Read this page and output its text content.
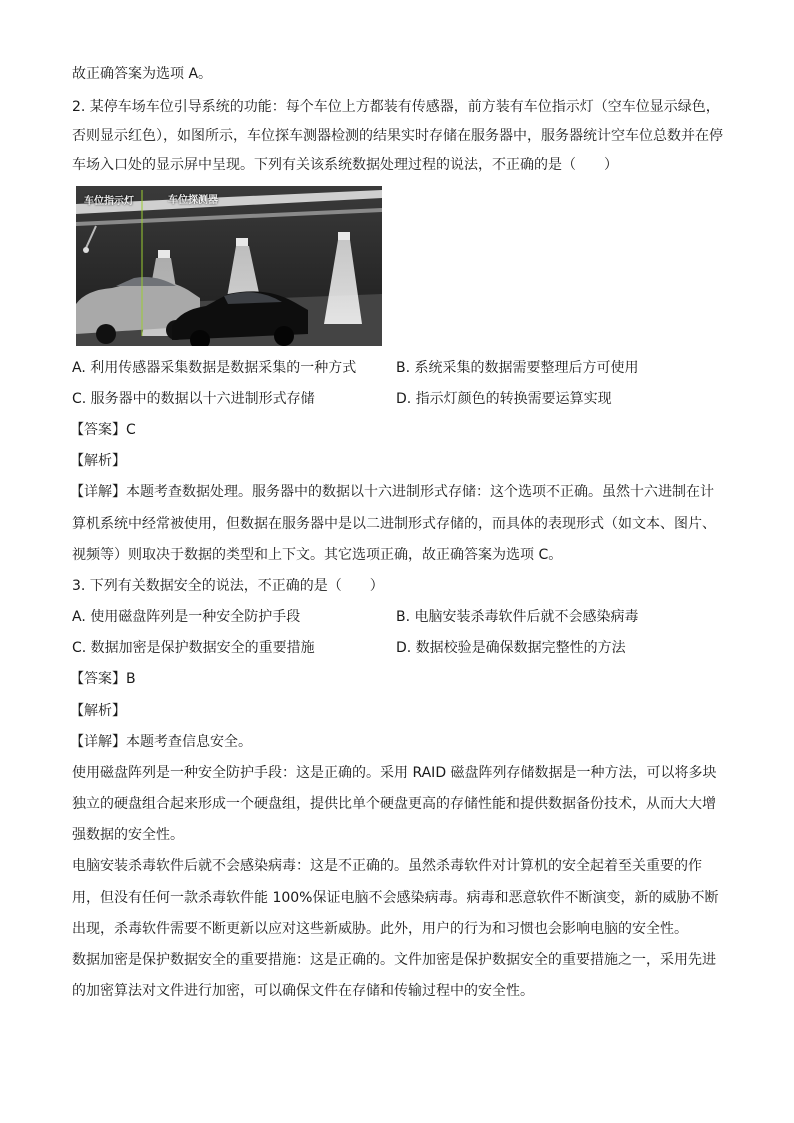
故正确答案为选项 A。
2. 某停车场车位引导系统的功能：每个车位上方都装有传感器，前方装有车位指示灯（空车位显示绿色，
否则显示红色），如图所示，车位探车测器检测的结果实时存储在服务器中，服务器统计空车位总数并在停
车场入口处的显示屏中呈现。下列有关该系统数据处理过程的说法，不正确的是（　　）
车位指示灯	车位探测器
A. 利用传感器采集数据是数据采集的一种方式	B. 系统采集的数据需要整理后方可使用
C. 服务器中的数据以十六进制形式存储	D. 指示灯颜色的转换需要运算实现
【答案】C
【解析】
【详解】本题考查数据处理。服务器中的数据以十六进制形式存储：这个选项不正确。虽然十六进制在计
算机系统中经常被使用，但数据在服务器中是以二进制形式存储的，而具体的表现形式（如文本、图片、
视频等）则取决于数据的类型和上下文。其它选项正确，故正确答案为选项 C。
3. 下列有关数据安全的说法，不正确的是（　　）
A. 使用磁盘阵列是一种安全防护手段	B. 电脑安装杀毒软件后就不会感染病毒
C. 数据加密是保护数据安全的重要措施	D. 数据校验是确保数据完整性的方法
【答案】B
【解析】
【详解】本题考查信息安全。
使用磁盘阵列是一种安全防护手段：这是正确的。采用 RAID 磁盘阵列存储数据是一种方法，可以将多块
独立的硬盘组合起来形成一个硬盘组，提供比单个硬盘更高的存储性能和提供数据备份技术，从而大大增
强数据的安全性。
电脑安装杀毒软件后就不会感染病毒：这是不正确的。虽然杀毒软件对计算机的安全起着至关重要的作
用，但没有任何一款杀毒软件能 100%保证电脑不会感染病毒。病毒和恶意软件不断演变，新的威胁不断
出现，杀毒软件需要不断更新以应对这些新威胁。此外，用户的行为和习惯也会影响电脑的安全性。
数据加密是保护数据安全的重要措施：这是正确的。文件加密是保护数据安全的重要措施之一，采用先进
的加密算法对文件进行加密，可以确保文件在存储和传输过程中的安全性。
